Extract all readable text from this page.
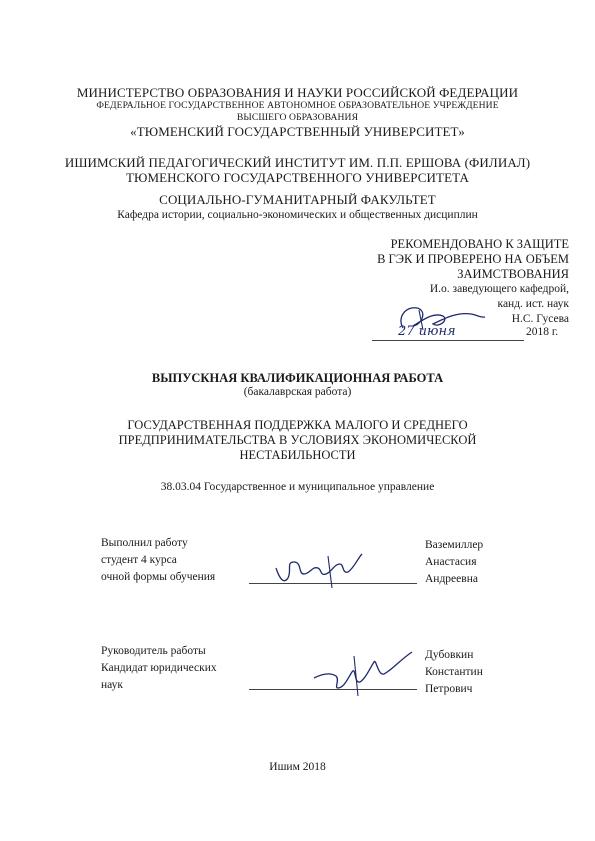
МИНИСТЕРСТВО ОБРАЗОВАНИЯ И НАУКИ РОССИЙСКОЙ ФЕДЕРАЦИИ
ФЕДЕРАЛЬНОЕ ГОСУДАРСТВЕННОЕ АВТОНОМНОЕ ОБРАЗОВАТЕЛЬНОЕ УЧРЕЖДЕНИЕ
ВЫСШЕГО ОБРАЗОВАНИЯ
«ТЮМЕНСКИЙ ГОСУДАРСТВЕННЫЙ УНИВЕРСИТЕТ»
ИШИМСКИЙ ПЕДАГОГИЧЕСКИЙ ИНСТИТУТ ИМ. П.П. ЕРШОВА (ФИЛИАЛ)
ТЮМЕНСКОГО ГОСУДАРСТВЕННОГО УНИВЕРСИТЕТА
СОЦИАЛЬНО-ГУМАНИТАРНЫЙ ФАКУЛЬТЕТ
Кафедра истории, социально-экономических и общественных дисциплин
РЕКОМЕНДОВАНО К ЗАЩИТЕ
В ГЭК И ПРОВЕРЕНО НА ОБЪЕМ
ЗАИМСТВОВАНИЯ
И.о. заведующего кафедрой,
канд. ист. наук
Н.С. Гусева
27 июня	2018 г.
ВЫПУСКНАЯ КВАЛИФИКАЦИОННАЯ РАБОТА
(бакалаврская работа)
ГОСУДАРСТВЕННАЯ ПОДДЕРЖКА МАЛОГО И СРЕДНЕГО
ПРЕДПРИНИМАТЕЛЬСТВА В УСЛОВИЯХ ЭКОНОМИЧЕСКОЙ
НЕСТАБИЛЬНОСТИ
38.03.04 Государственное и муниципальное управление
Выполнил работу
студент 4 курса
очной формы обучения
Ваземиллер
Анастасия
Андреевна
Руководитель работы
Кандидат юридических
наук
Дубовкин
Константин
Петрович
Ишим 2018
